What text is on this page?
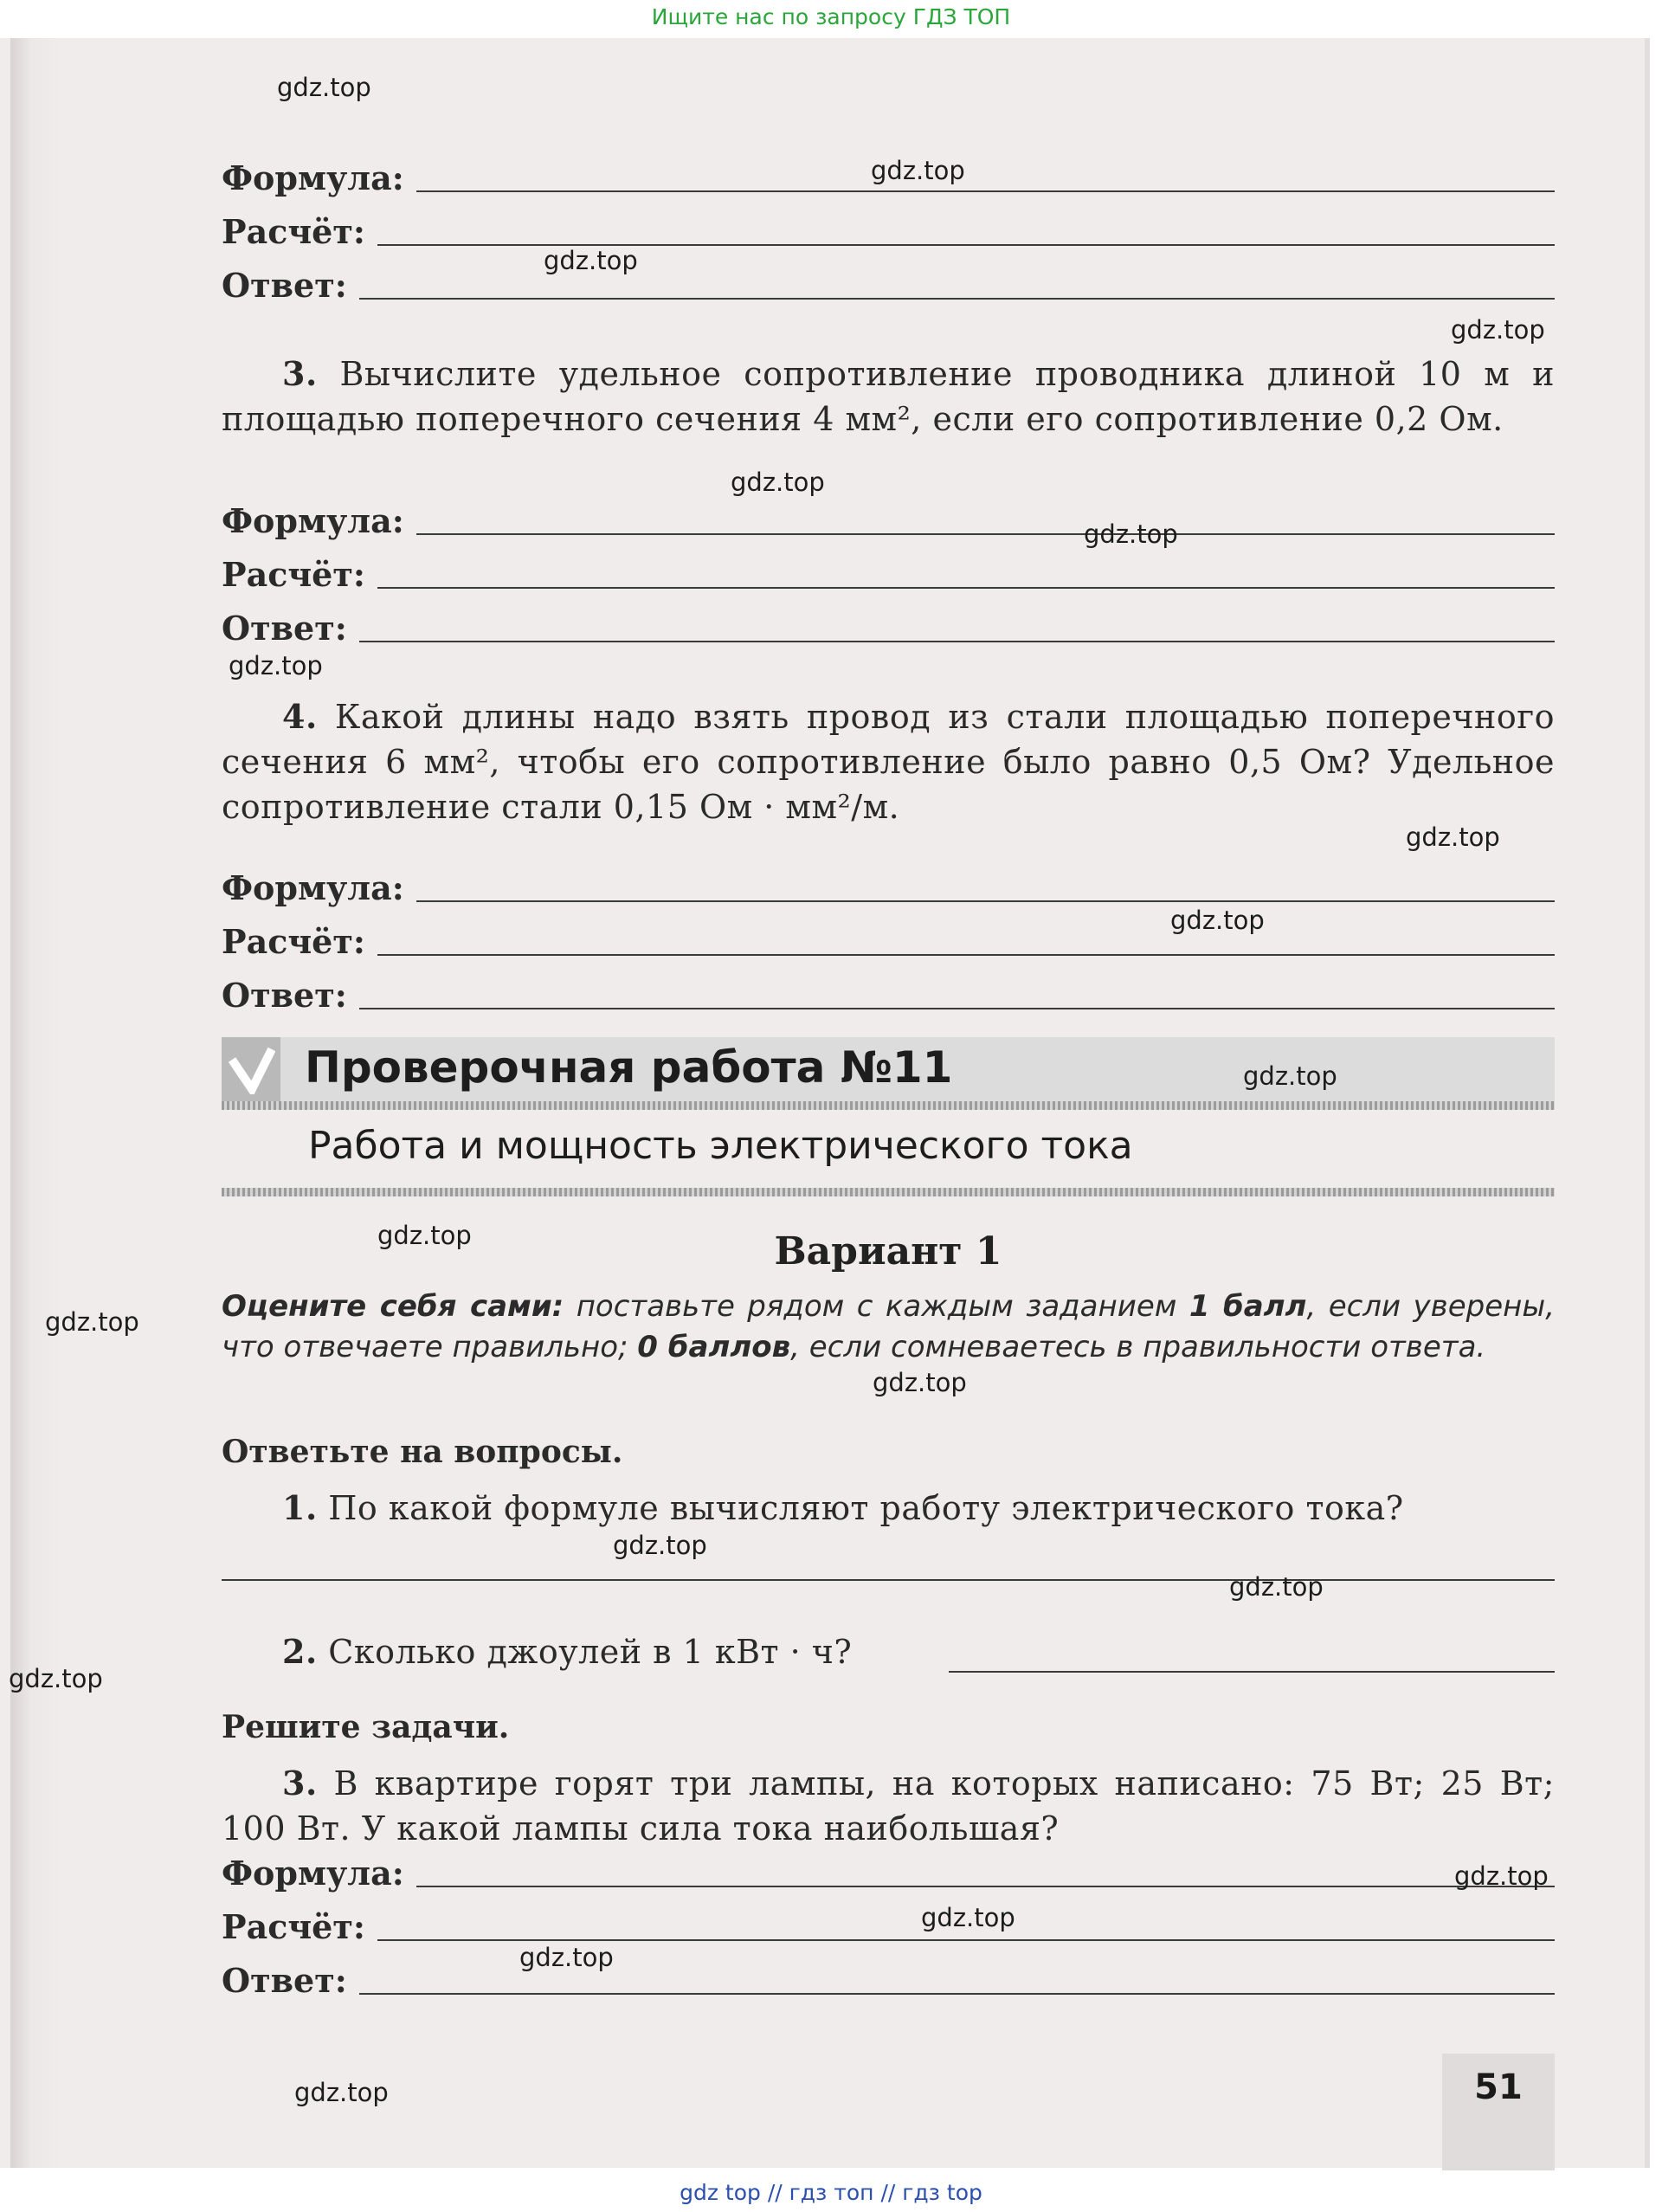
Ищите нас по запросу ГДЗ ТОП
Формула:
Расчёт:
Ответ:
3. Вычислите удельное сопротивление проводника длиной 10 м и площадью поперечного сечения 4 мм², если его сопротивление 0,2 Ом.
Формула:
Расчёт:
Ответ:
4. Какой длины надо взять провод из стали площадью поперечного сечения 6 мм², чтобы его сопротивление было равно 0,5 Ом? Удельное сопротивление стали 0,15 Ом · мм²/м.
Формула:
Расчёт:
Ответ:
Проверочная работа №11
Работа и мощность электрического тока
Вариант 1
Оцените себя сами: поставьте рядом с каждым заданием 1 балл, если уверены, что отвечаете правильно; 0 баллов, если сомневаетесь в правильности ответа.
Ответьте на вопросы.
1. По какой формуле вычисляют работу электрического тока?
2. Сколько джоулей в 1 кВт · ч?
Решите задачи.
3. В квартире горят три лампы, на которых написано: 75 Вт; 25 Вт; 100 Вт. У какой лампы сила тока наибольшая?
Формула:
Расчёт:
Ответ:
51
gdz.top
gdz.top
gdz.top
gdz.top
gdz.top
gdz.top
gdz.top
gdz.top
gdz.top
gdz.top
gdz.top
gdz.top
gdz.top
gdz.top
gdz.top
gdz.top
gdz.top
gdz.top
gdz.top
gdz.top
gdz top // гдз топ // гдз top
